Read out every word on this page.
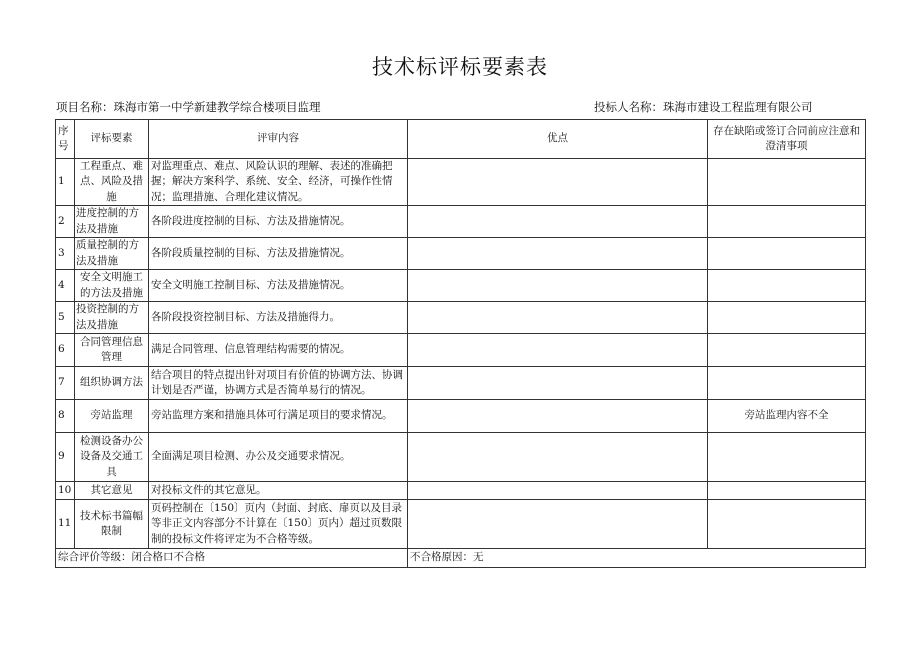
技术标评标要素表
项目名称：珠海市第一中学新建教学综合楼项目监理	投标人名称：珠海市建设工程监理有限公司
序号	评标要素	评审内容	优点	存在缺陷或签订合同前应注意和澄清事项
1	工程重点、难点、风险及措施	对监理重点、难点、风险认识的理解、表述的准确把握；解决方案科学、系统、安全、经济，可操作性情况；监理措施、合理化建议情况。		
2	进度控制的方法及措施	各阶段进度控制的目标、方法及措施情况。		
3	质量控制的方法及措施	各阶段质量控制的目标、方法及措施情况。		
4	安全文明施工的方法及措施	安全文明施工控制目标、方法及措施情况。		
5	投资控制的方法及措施	各阶段投资控制目标、方法及措施得力。		
6	合同管理信息管理	满足合同管理、信息管理结构需要的情况。		
7	组织协调方法	结合项目的特点提出针对项目有价值的协调方法、协调计划是否严谨，协调方式是否简单易行的情况。		
8	旁站监理	旁站监理方案和措施具体可行满足项目的要求情况。		旁站监理内容不全
9	检测设备办公设备及交通工具	全面满足项目检测、办公及交通要求情况。		
10	其它意见	对投标文件的其它意见。		
11	技术标书篇幅限制	页码控制在〔150〕页内（封面、封底、扉页以及目录等非正文内容部分不计算在〔150〕页内）超过页数限制的投标文件将评定为不合格等级。		
综合评价等级：闭合格口不合格			不合格原因：无	
